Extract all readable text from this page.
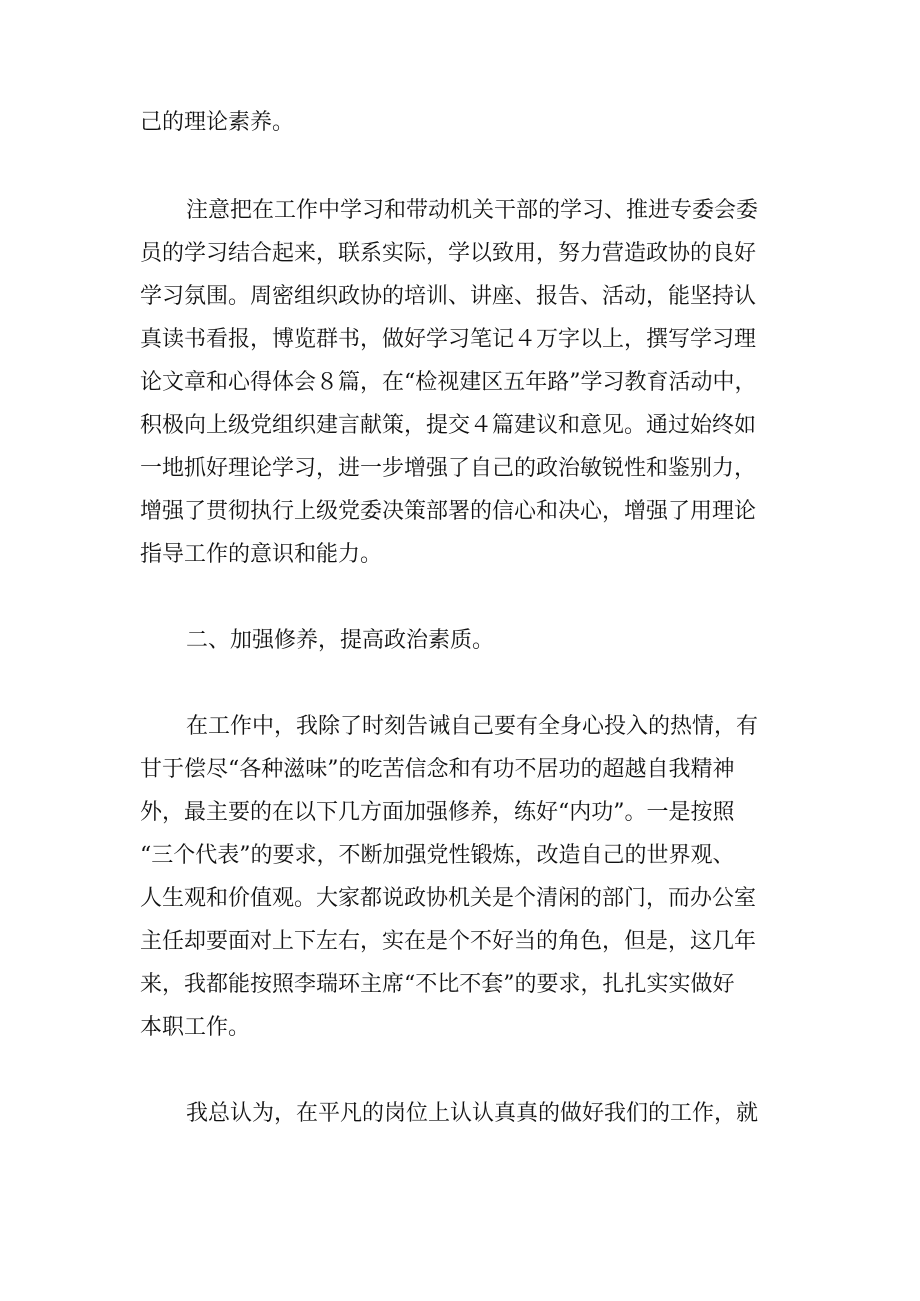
己的理论素养。
注意把在工作中学习和带动机关干部的学习、推进专委会委
员的学习结合起来，联系实际，学以致用，努力营造政协的良好
学习氛围。周密组织政协的培训、讲座、报告、活动，能坚持认
真读书看报，博览群书，做好学习笔记４万字以上，撰写学习理
论文章和心得体会８篇，在“检视建区五年路”学习教育活动中，
积极向上级党组织建言献策，提交４篇建议和意见。通过始终如
一地抓好理论学习，进一步增强了自己的政治敏锐性和鉴别力，
增强了贯彻执行上级党委决策部署的信心和决心，增强了用理论
指导工作的意识和能力。
二、加强修养，提高政治素质。
在工作中，我除了时刻告诫自己要有全身心投入的热情，有
甘于偿尽“各种滋味”的吃苦信念和有功不居功的超越自我精神
外，最主要的在以下几方面加强修养，练好“内功”。一是按照
“三个代表”的要求，不断加强党性锻炼，改造自己的世界观、
人生观和价值观。大家都说政协机关是个清闲的部门，而办公室
主任却要面对上下左右，实在是个不好当的角色，但是，这几年
来，我都能按照李瑞环主席“不比不套”的要求，扎扎实实做好
本职工作。
我总认为，在平凡的岗位上认认真真的做好我们的工作，就
